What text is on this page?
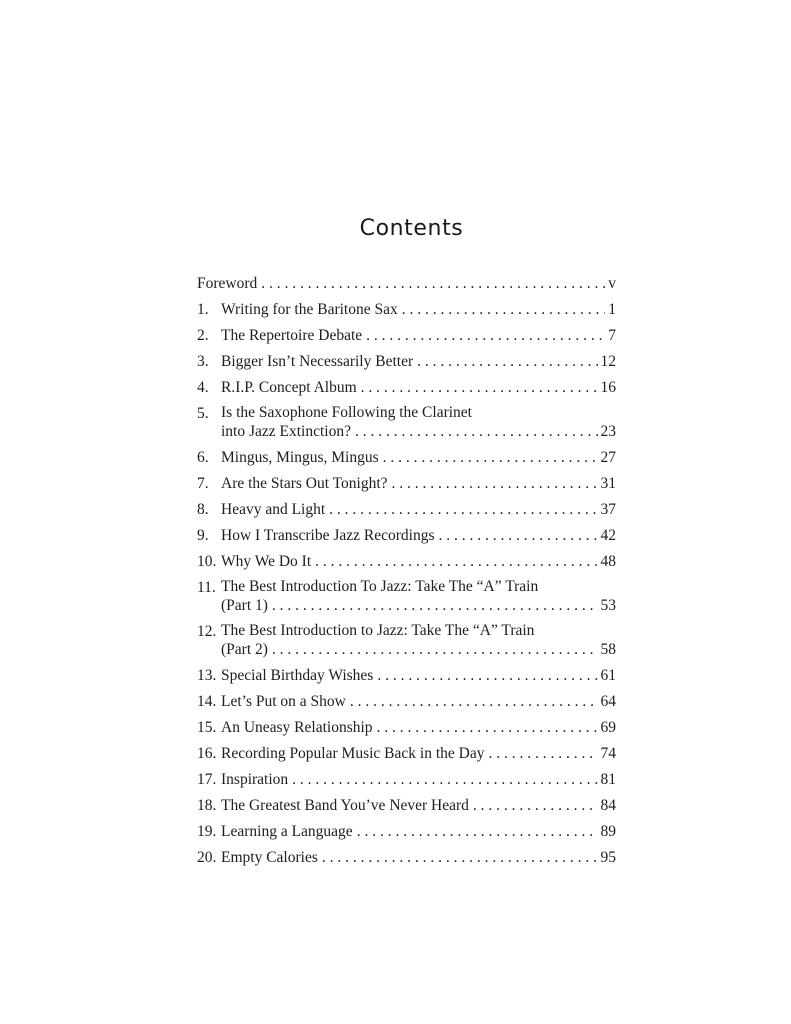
Contents
Foreword . . .	v
1. Writing for the Baritone Sax . . .	1
2. The Repertoire Debate . . .	7
3. Bigger Isn’t Necessarily Better . . .	12
4. R.I.P. Concept Album . . .	16
5. Is the Saxophone Following the Clarinet
into Jazz Extinction? . . .	23
6. Mingus, Mingus, Mingus . . .	27
7. Are the Stars Out Tonight? . . .	31
8. Heavy and Light . . .	37
9. How I Transcribe Jazz Recordings . . .	42
10. Why We Do It . . .	48
11. The Best Introduction To Jazz: Take The “A” Train
(Part 1) . . .	53
12. The Best Introduction to Jazz: Take The “A” Train
(Part 2) . . .	58
13. Special Birthday Wishes . . .	61
14. Let’s Put on a Show . . .	64
15. An Uneasy Relationship . . .	69
16. Recording Popular Music Back in the Day . . .	74
17. Inspiration . . .	81
18. The Greatest Band You’ve Never Heard . . .	84
19. Learning a Language . . .	89
20. Empty Calories . . .	95
